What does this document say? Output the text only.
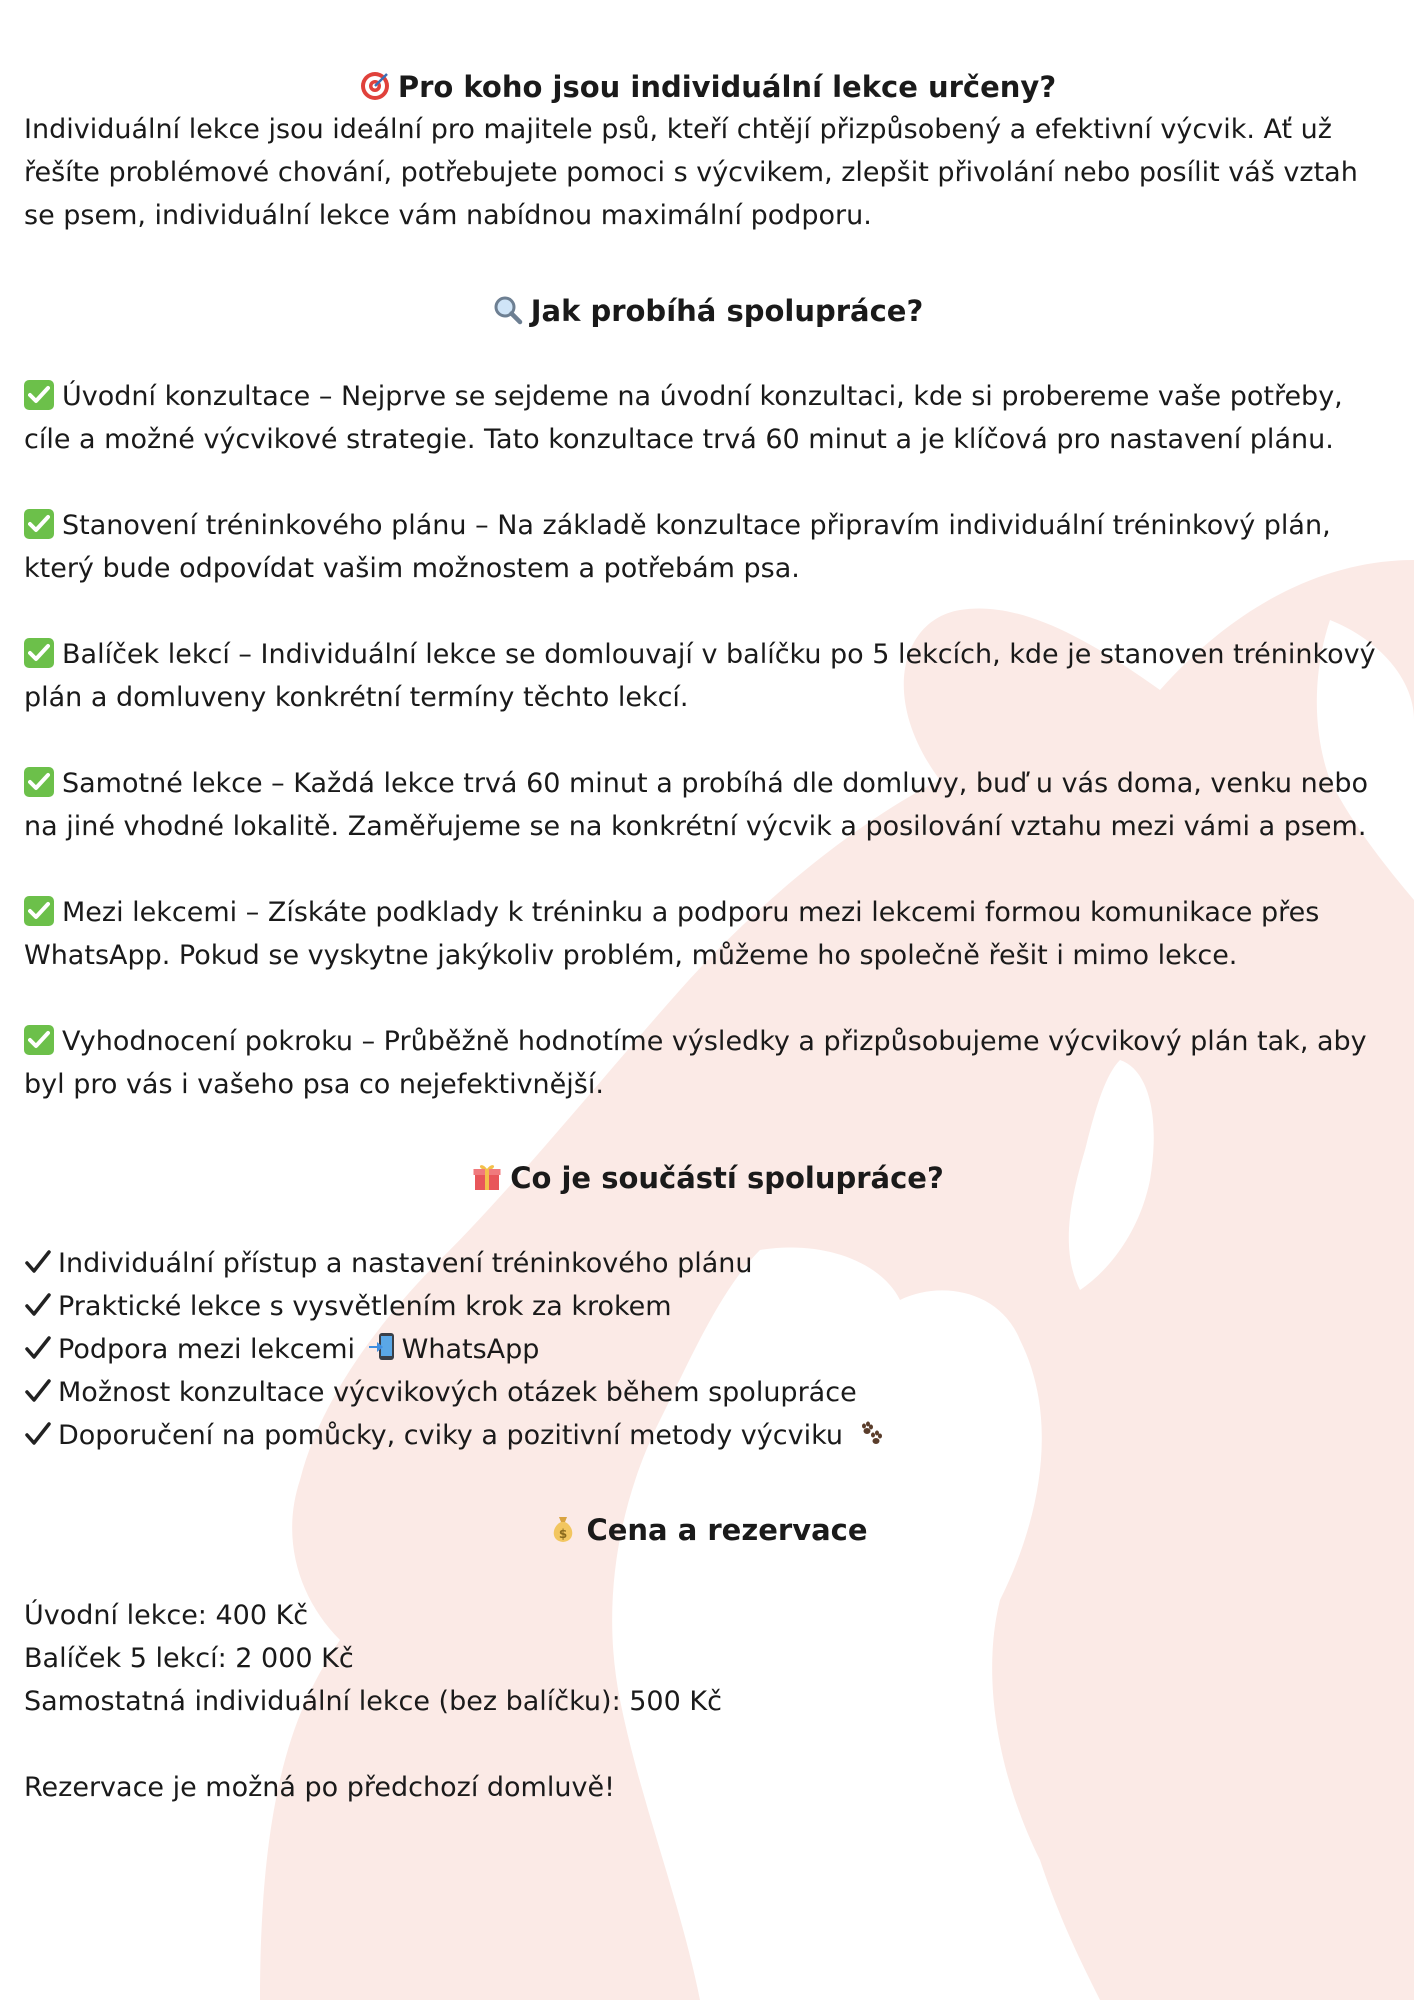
Pro koho jsou individuální lekce určeny?

Individuální lekce jsou ideální pro majitele psů, kteří chtějí přizpůsobený a efektivní výcvik. Ať už řešíte problémové chování, potřebujete pomoci s výcvikem, zlepšit přivolání nebo posílit váš vztah se psem, individuální lekce vám nabídnou maximální podporu.

Jak probíhá spolupráce?

Úvodní konzultace – Nejprve se sejdeme na úvodní konzultaci, kde si probereme vaše potřeby, cíle a možné výcvikové strategie. Tato konzultace trvá 60 minut a je klíčová pro nastavení plánu.

Stanovení tréninkového plánu – Na základě konzultace připravím individuální tréninkový plán, který bude odpovídat vašim možnostem a potřebám psa.

Balíček lekcí – Individuální lekce se domlouvají v balíčku po 5 lekcích, kde je stanoven tréninkový plán a domluveny konkrétní termíny těchto lekcí.

Samotné lekce – Každá lekce trvá 60 minut a probíhá dle domluvy, buď u vás doma, venku nebo na jiné vhodné lokalitě. Zaměřujeme se na konkrétní výcvik a posilování vztahu mezi vámi a psem.

Mezi lekcemi – Získáte podklady k tréninku a podporu mezi lekcemi formou komunikace přes WhatsApp. Pokud se vyskytne jakýkoliv problém, můžeme ho společně řešit i mimo lekce.

Vyhodnocení pokroku – Průběžně hodnotíme výsledky a přizpůsobujeme výcvikový plán tak, aby byl pro vás i vašeho psa co nejefektivnější.

Co je součástí spolupráce?

Individuální přístup a nastavení tréninkového plánu

Praktické lekce s vysvětlením krok za krokem

Podpora mezi lekcemi WhatsApp

Možnost konzultace výcvikových otázek během spolupráce

Doporučení na pomůcky, cviky a pozitivní metody výcviku

$ Cena a rezervace

Úvodní lekce: 400 Kč

Balíček 5 lekcí: 2 000 Kč

Samostatná individuální lekce (bez balíčku): 500 Kč

Rezervace je možná po předchozí domluvě!
